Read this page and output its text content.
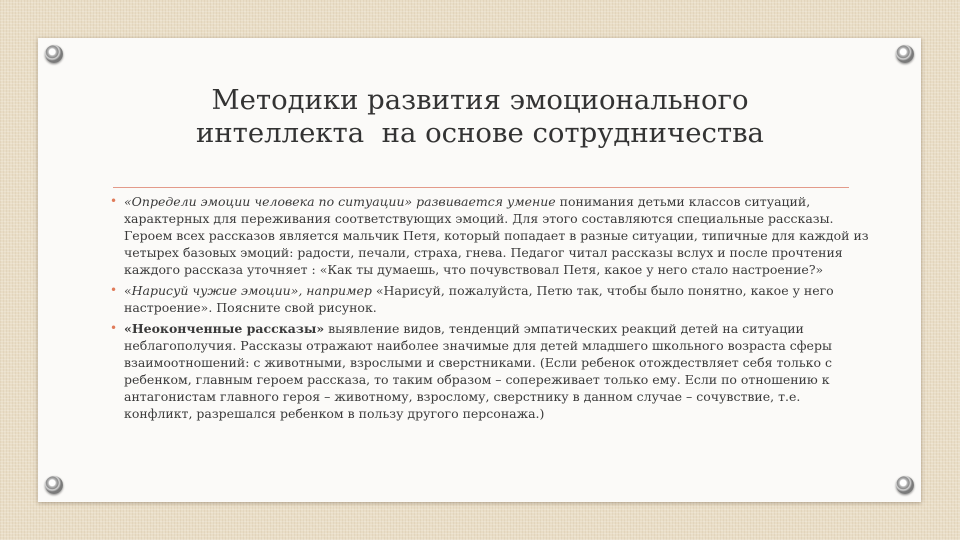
Методики развития эмоционального
интеллекта  на основе сотрудничества
• «Определи эмоции человека по ситуации» развивается умение понимания детьми классов ситуаций, характерных для переживания соответствующих эмоций. Для этого составляются специальные рассказы. Героем всех рассказов является мальчик Петя, который попадает в разные ситуации, типичные для каждой из четырех базовых эмоций: радости, печали, страха, гнева. Педагог читал рассказы вслух и после прочтения каждого рассказа уточняет : «Как ты думаешь, что почувствовал Петя, какое у него стало настроение?»
• «Нарисуй чужие эмоции», например «Нарисуй, пожалуйста, Петю так, чтобы было понятно, какое у него настроение». Поясните свой рисунок.
• «Неоконченные рассказы» выявление видов, тенденций эмпатических реакций детей на ситуации неблагополучия. Рассказы отражают наиболее значимые для детей младшего школьного возраста сферы взаимоотношений: с животными, взрослыми и сверстниками. (Если ребенок отождествляет себя только с ребенком, главным героем рассказа, то таким образом – сопереживает только ему. Если по отношению к антагонистам главного героя – животному, взрослому, сверстнику в данном случае – сочувствие, т.е. конфликт, разрешался ребенком в пользу другого персонажа.)
